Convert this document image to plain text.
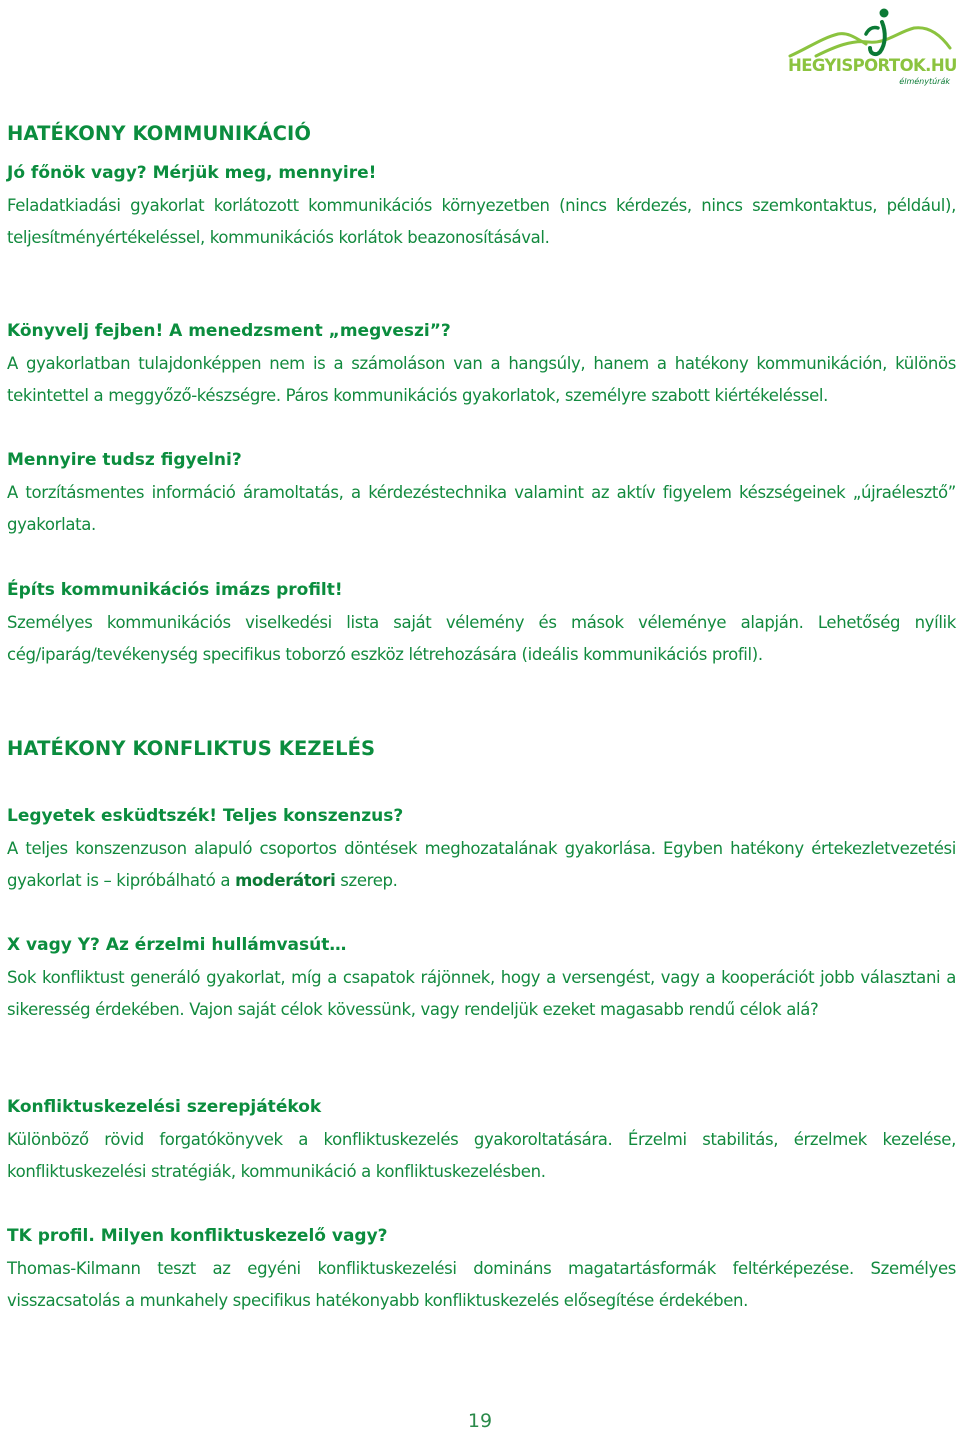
HEGYISPORTOK.HU
élménytúrák
HATÉKONY KOMMUNIKÁCIÓ
Jó főnök vagy? Mérjük meg, mennyire!

Feladatkiadási gyakorlat korlátozott kommunikációs környezetben (nincs kérdezés, nincs szemkontaktus, például), teljesítményértékeléssel, kommunikációs korlátok beazonosításával.

Könyvelj fejben! A menedzsment „megveszi”?

A gyakorlatban tulajdonképpen nem is a számoláson van a hangsúly, hanem a hatékony kommunikáción, különös tekintettel a meggyőző-készségre. Páros kommunikációs gyakorlatok, személyre szabott kiértékeléssel.

Mennyire tudsz figyelni?

A torzításmentes információ áramoltatás, a kérdezéstechnika valamint az aktív figyelem készségeinek „újraélesztő” gyakorlata.

Építs kommunikációs imázs profilt!

Személyes kommunikációs viselkedési lista saját vélemény és mások véleménye alapján. Lehetőség nyílik cég/iparág/tevékenység specifikus toborzó eszköz létrehozására (ideális kommunikációs profil).

HATÉKONY KONFLIKTUS KEZELÉS
Legyetek esküdtszék! Teljes konszenzus?

A teljes konszenzuson alapuló csoportos döntések meghozatalának gyakorlása. Egyben hatékony értekezletvezetési gyakorlat is – kipróbálható a moderátori szerep.

X vagy Y? Az érzelmi hullámvasút…

Sok konfliktust generáló gyakorlat, míg a csapatok rájönnek, hogy a versengést, vagy a kooperációt jobb választani a sikeresség érdekében. Vajon saját célok kövessünk, vagy rendeljük ezeket magasabb rendű célok alá?

Konfliktuskezelési szerepjátékok

Különböző rövid forgatókönyvek a konfliktuskezelés gyakoroltatására. Érzelmi stabilitás, érzelmek kezelése, konfliktuskezelési stratégiák, kommunikáció a konfliktuskezelésben.

TK profil. Milyen konfliktuskezelő vagy?

Thomas-Kilmann teszt az egyéni konfliktuskezelési domináns magatartásformák feltérképezése. Személyes visszacsatolás a munkahely specifikus hatékonyabb konfliktuskezelés elősegítése érdekében.

19
